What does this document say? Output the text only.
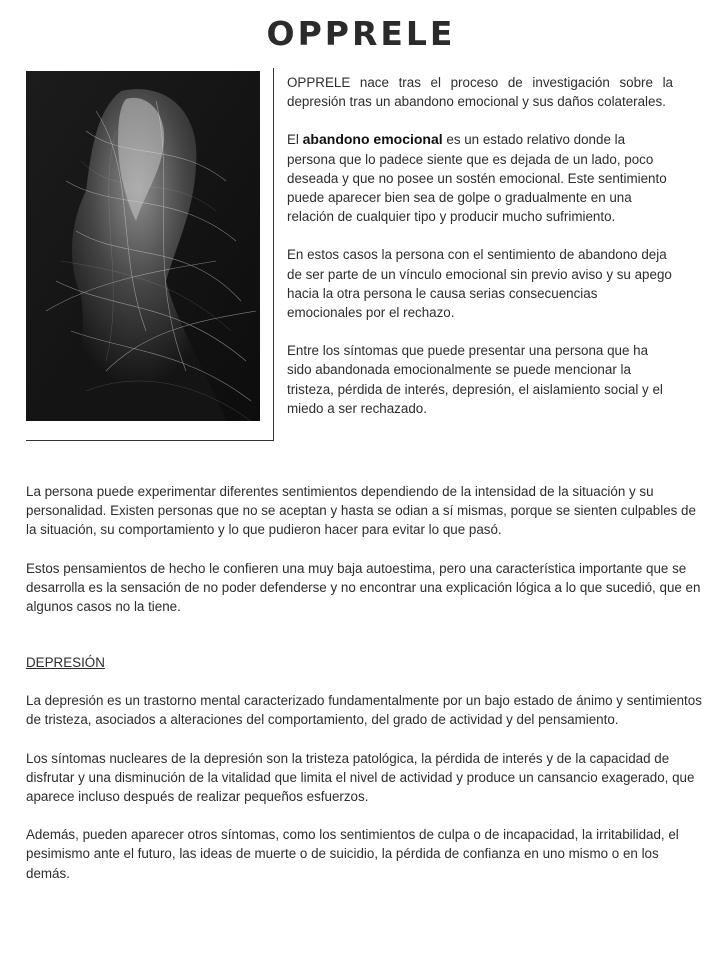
OPPRELE

OPPRELE nace tras el proceso de investigación sobre la depresión tras un abandono emocional y sus daños colaterales.

El abandono emocional es un estado relativo donde la persona que lo padece siente que es dejada de un lado, poco deseada y que no posee un sostén emocional. Este sentimiento puede aparecer bien sea de golpe o gradualmente en una relación de cualquier tipo y producir mucho sufrimiento.

En estos casos la persona con el sentimiento de abandono deja de ser parte de un vínculo emocional sin previo aviso y su apego hacia la otra persona le causa serias consecuencias emocionales por el rechazo.

Entre los síntomas que puede presentar una persona que ha sido abandonada emocionalmente se puede mencionar la tristeza, pérdida de interés, depresión, el aislamiento social y el miedo a ser rechazado.

La persona puede experimentar diferentes sentimientos dependiendo de la intensidad de la situación y su personalidad. Existen personas que no se aceptan y hasta se odian a sí mismas, porque se sienten culpables de la situación, su comportamiento y lo que pudieron hacer para evitar lo que pasó.

Estos pensamientos de hecho le confieren una muy baja autoestima, pero una característica importante que se desarrolla es la sensación de no poder defenderse y no encontrar una explicación lógica a lo que sucedió, que en algunos casos no la tiene.

DEPRESIÓN

La depresión es un trastorno mental caracterizado fundamentalmente por un bajo estado de ánimo y sentimientos de tristeza, asociados a alteraciones del comportamiento, del grado de actividad y del pensamiento.

Los síntomas nucleares de la depresión son la tristeza patológica, la pérdida de interés y de la capacidad de disfrutar y una disminución de la vitalidad que limita el nivel de actividad y produce un cansancio exagerado, que aparece incluso después de realizar pequeños esfuerzos.

Además, pueden aparecer otros síntomas, como los sentimientos de culpa o de incapacidad, la irritabilidad, el pesimismo ante el futuro, las ideas de muerte o de suicidio, la pérdida de confianza en uno mismo o en los demás.
